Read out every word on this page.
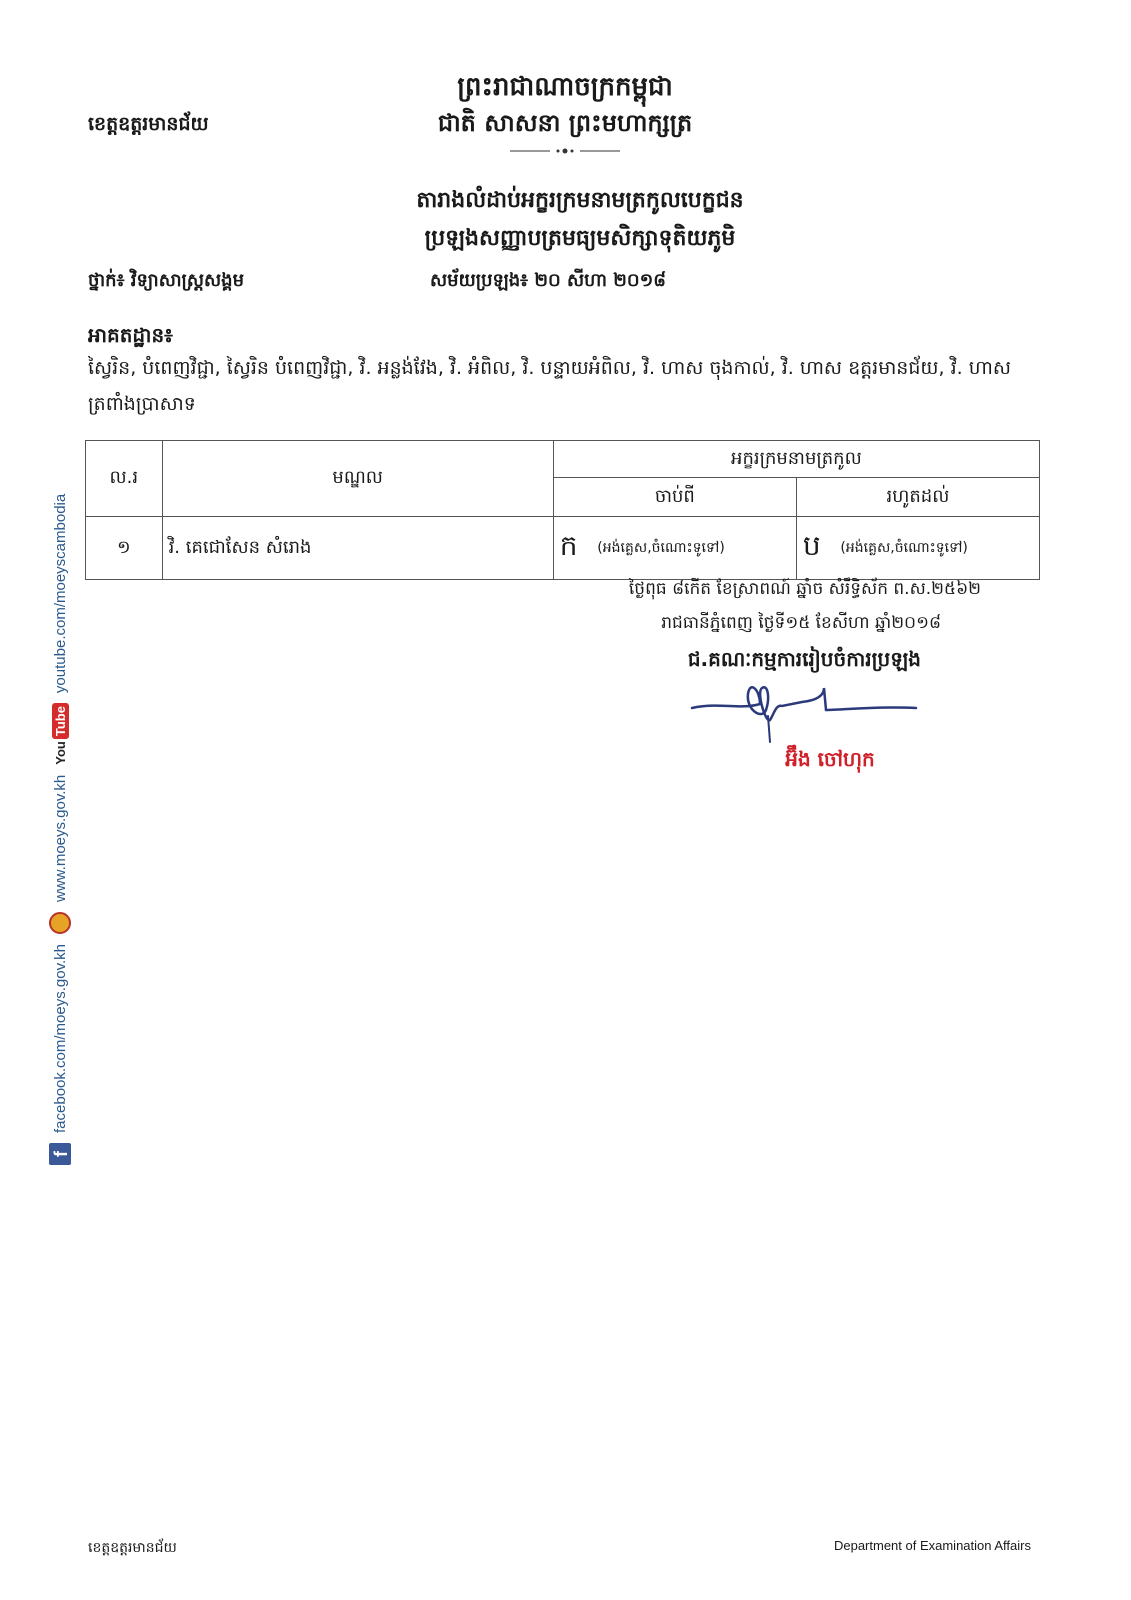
ព្រះរាជាណាចក្រកម្ពុជា
ជាតិ សាសនា ព្រះមហាក្សត្រ
ខេត្តឧត្តរមានជ័យ
តារាងលំដាប់អក្ខរក្រមនាមត្រកូលបេក្ខជន
ប្រឡងសញ្ញាបត្រមធ្យមសិក្សាទុតិយភូមិ
ថ្នាក់៖ វិទ្យាសាស្ត្រសង្គម	សម័យប្រឡង៖ ២០ សីហា ២០១៨
អាគតដ្ឋាន៖
ស្វៃរិន, បំពេញវិជ្ជា, ស្វៃរិន បំពេញវិជ្ជា, វិ. អន្លង់វែង, វិ. អំពិល, វិ. បន្ទាយអំពិល, វិ. ហាស ចុងកាល់, វិ. ហាស ឧត្តរមានជ័យ, វិ. ហាស ត្រពាំងប្រាសាទ
ល.រ	មណ្ឌល	អក្ខរក្រមនាមត្រកូល	
		ចាប់ពី	រហូតដល់
១	វិ. គេជោសែន សំរោង	ក (អង់គ្លេស,ចំណោះទូទៅ)	ប (អង់គ្លេស,ចំណោះទូទៅ)
ថ្ងៃពុធ ៨កើត ខែស្រាពណ៍ ឆ្នាំច សំរឹទ្ធិស័ក ព.ស.២៥៦២
រាជធានីភ្នំពេញ ថ្ងៃទី១៥ ខែសីហា ឆ្នាំ២០១៨
ជ.គណៈកម្មការរៀបចំការប្រឡង
អ៊ឹង ចៅហុក
f
facebook.com/moeys.gov.kh
www.moeys.gov.kh
You
Tube
youtube.com/moeyscambodia
ខេត្តឧត្តរមានជ័យ	Department of Examination Affairs
